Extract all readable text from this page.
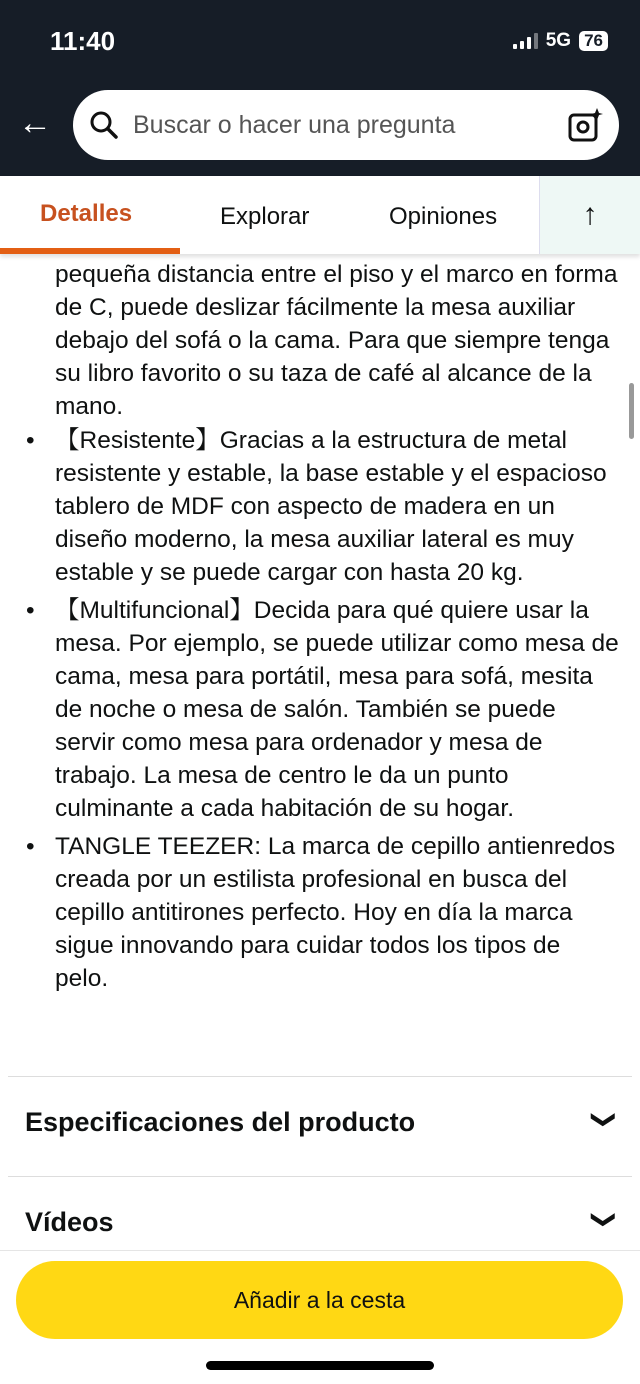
11:40	5G 76
←	Buscar o hacer una pregunta
Detalles	Explorar	Opiniones	↑
pequeña distancia entre el piso y el marco en forma de C, puede deslizar fácilmente la mesa auxiliar debajo del sofá o la cama. Para que siempre tenga su libro favorito o su taza de café al alcance de la mano.
• 【Resistente】Gracias a la estructura de metal resistente y estable, la base estable y el espacioso tablero de MDF con aspecto de madera en un diseño moderno, la mesa auxiliar lateral es muy estable y se puede cargar con hasta 20 kg.
• 【Multifuncional】Decida para qué quiere usar la mesa. Por ejemplo, se puede utilizar como mesa de cama, mesa para portátil, mesa para sofá, mesita de noche o mesa de salón. También se puede servir como mesa para ordenador y mesa de trabajo. La mesa de centro le da un punto culminante a cada habitación de su hogar.
• TANGLE TEEZER: La marca de cepillo antienredos creada por un estilista profesional en busca del cepillo antitirones perfecto. Hoy en día la marca sigue innovando para cuidar todos los tipos de pelo.
Especificaciones del producto	❯
Vídeos	❯
Añadir a la cesta
